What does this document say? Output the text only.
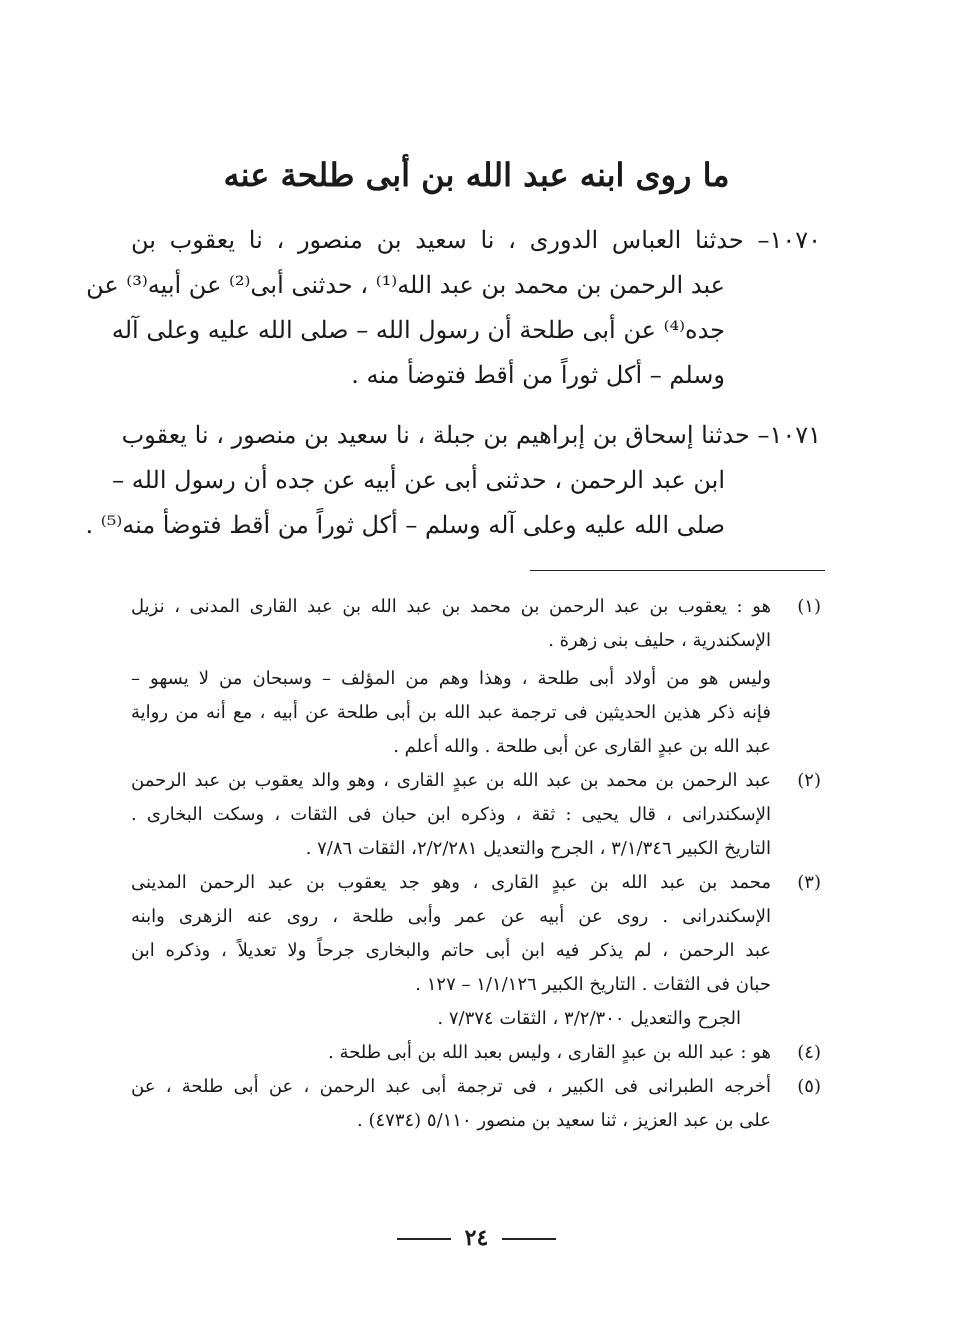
ما روى ابنه عبد الله بن أبى طلحة عنه
١٠٧٠– حدثنا العباس الدورى ، نا سعيد بن منصور ، نا يعقوب بن
عبد الرحمن بن محمد بن عبد الله⁽¹⁾ ، حدثنى أبى⁽²⁾ عن أبيه⁽³⁾ عن
جده⁽⁴⁾ عن أبى طلحة أن رسول الله – صلى الله عليه وعلى آله
وسلم – أكل ثوراً من أقط فتوضأ منه .
١٠٧١– حدثنا إسحاق بن إبراهيم بن جبلة ، نا سعيد بن منصور ، نا يعقوب
ابن عبد الرحمن ، حدثنى أبى عن أبيه عن جده أن رسول الله –
صلى الله عليه وعلى آله وسلم – أكل ثوراً من أقط فتوضأ منه⁽⁵⁾ .
(١)هو : يعقوب بن عبد الرحمن بن محمد بن عبد الله بن عبد القارى المدنى ، نزيل
الإسكندرية ، حليف بنى زهرة .
وليس هو من أولاد أبى طلحة ، وهذا وهم من المؤلف – وسبحان من لا يسهو –
فإنه ذكر هذين الحديثين فى ترجمة عبد الله بن أبى طلحة عن أبيه ، مع أنه من رواية
عبد الله بن عبدٍ القارى عن أبى طلحة . والله أعلم .
(٢)عبد الرحمن بن محمد بن عبد الله بن عبدٍ القارى ، وهو والد يعقوب بن عبد الرحمن
الإسكندرانى ، قال يحيى : ثقة ، وذكره ابن حبان فى الثقات ، وسكت البخارى .
التاريخ الكبير ٣/١/٣٤٦ ، الجرح والتعديل ٢/٢/٢٨١، الثقات ٧/٨٦ .
(٣)محمد بن عبد الله بن عبدٍ القارى ، وهو جد يعقوب بن عبد الرحمن المدينى
الإسكندرانى . روى عن أبيه عن عمر وأبى طلحة ، روى عنه الزهرى وابنه
عبد الرحمن ، لم يذكر فيه ابن أبى حاتم والبخارى جرحاً ولا تعديلاً ، وذكره ابن
حبان فى الثقات . التاريخ الكبير ١/١/١٢٦ – ١٢٧ .
الجرح والتعديل ٣/٢/٣٠٠ ، الثقات ٧/٣٧٤ .
(٤)هو : عبد الله بن عبدٍ القارى ، وليس بعبد الله بن أبى طلحة .
(٥)أخرجه الطبرانى فى الكبير ، فى ترجمة أبى عبد الرحمن ، عن أبى طلحة ، عن
على بن عبد العزيز ، ثنا سعيد بن منصور ٥/١١٠ (٤٧٣٤) .
٢٤
